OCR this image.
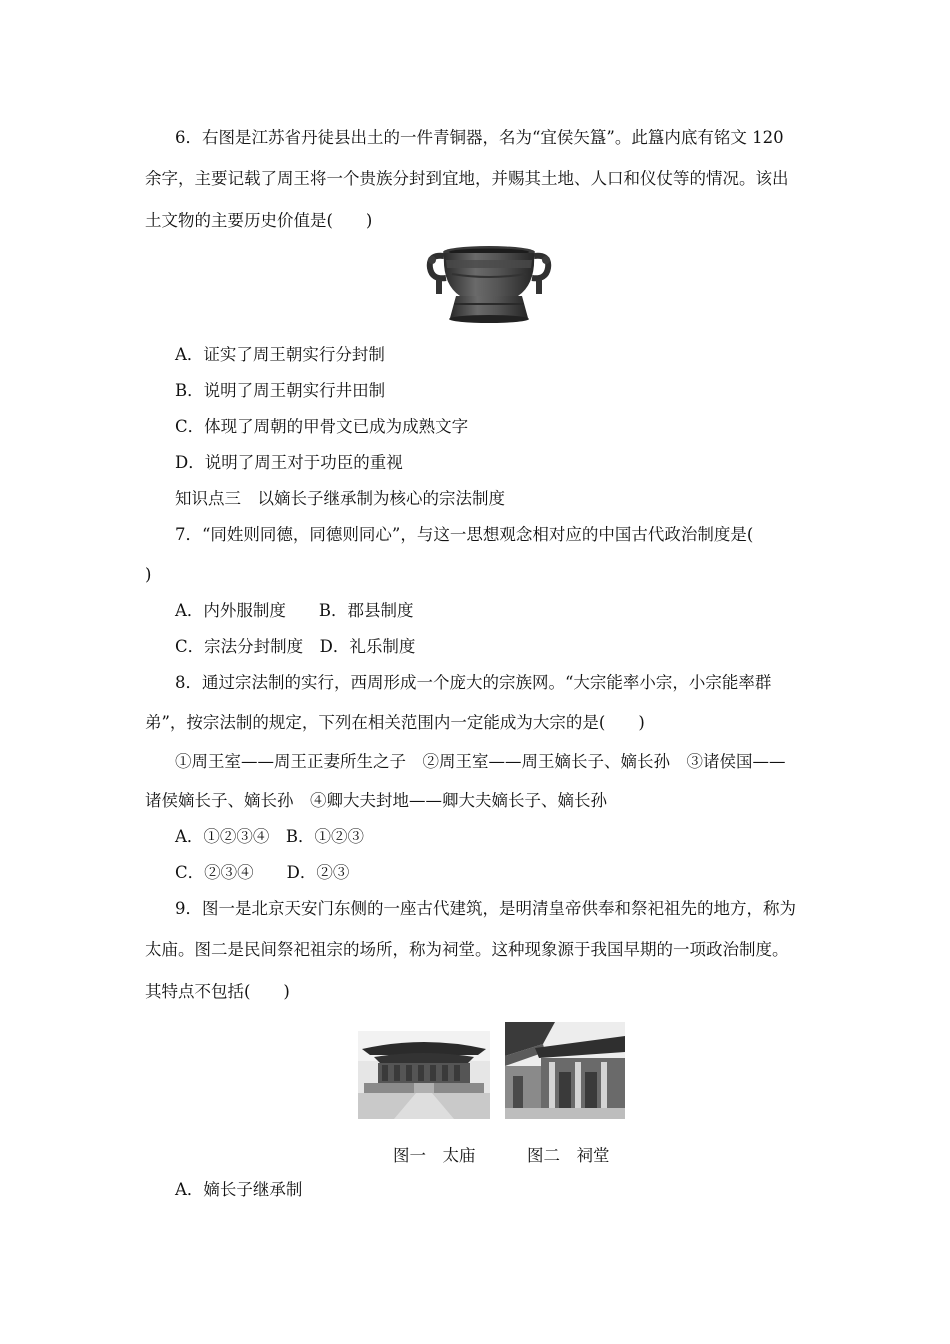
6．右图是江苏省丹徒县出土的一件青铜器，名为“宜侯矢簋”。此簋内底有铭文 120
余字，主要记载了周王将一个贵族分封到宜地，并赐其土地、人口和仪仗等的情况。该出
土文物的主要历史价值是(　　)
A．证实了周王朝实行分封制
B．说明了周王朝实行井田制
C．体现了周朝的甲骨文已成为成熟文字
D．说明了周王对于功臣的重视
知识点三　以嫡长子继承制为核心的宗法制度
7．“同姓则同德，同德则同心”，与这一思想观念相对应的中国古代政治制度是(
)
A．内外服制度　　B．郡县制度
C．宗法分封制度　D．礼乐制度
8．通过宗法制的实行，西周形成一个庞大的宗族网。“大宗能率小宗，小宗能率群
弟”，按宗法制的规定，下列在相关范围内一定能成为大宗的是(　　)
①周王室——周王正妻所生之子　②周王室——周王嫡长子、嫡长孙　③诸侯国——
诸侯嫡长子、嫡长孙　④卿大夫封地——卿大夫嫡长子、嫡长孙
A．①②③④　B．①②③
C．②③④　　D．②③
9．图一是北京天安门东侧的一座古代建筑，是明清皇帝供奉和祭祀祖先的地方，称为
太庙。图二是民间祭祀祖宗的场所，称为祠堂。这种现象源于我国早期的一项政治制度。
其特点不包括(　　)
图一　太庙	图二　祠堂
A．嫡长子继承制
